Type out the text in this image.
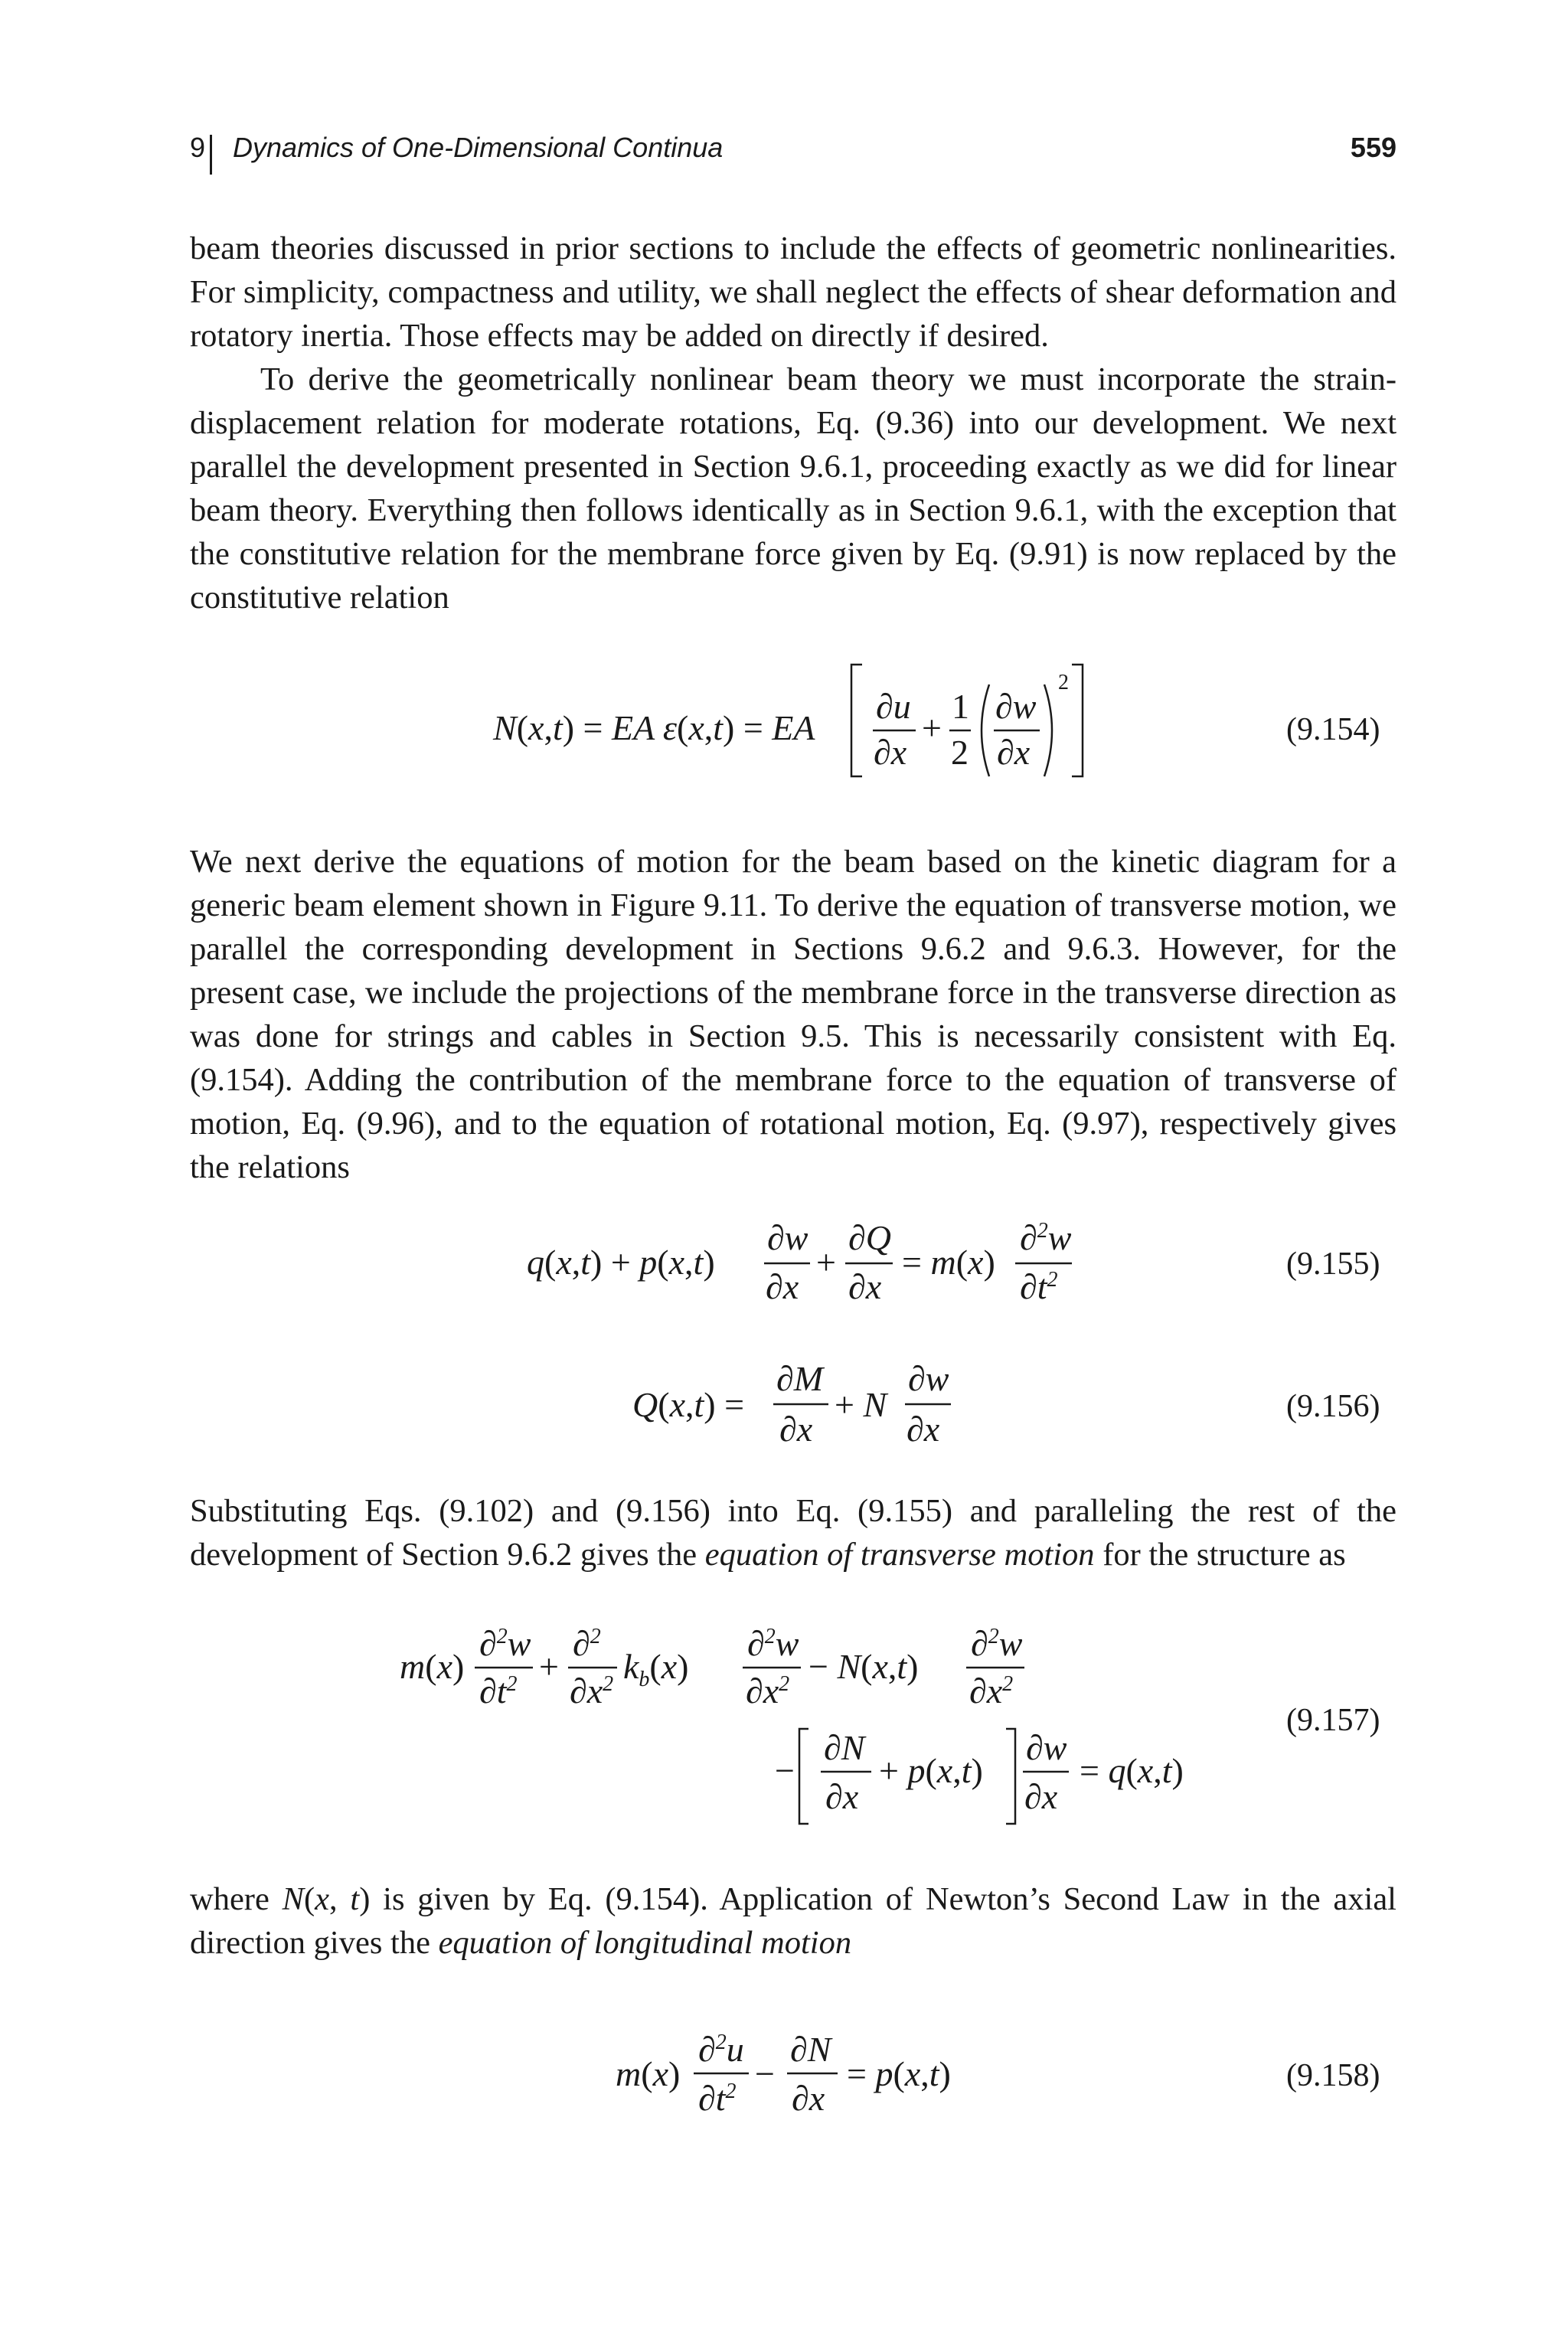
9 Dynamics of One-Dimensional Continua	559

beam theories discussed in prior sections to include the effects of geometric nonlinearities. For simplicity, compactness and utility, we shall neglect the effects of shear deformation and rotatory inertia. Those effects may be added on directly if desired.

To derive the geometrically nonlinear beam theory we must incorporate the strain-displacement relation for moderate rotations, Eq. (9.36) into our development. We next parallel the development presented in Section 9.6.1, proceeding exactly as we did for linear beam theory. Everything then follows identically as in Section 9.6.1, with the exception that the constitutive relation for the membrane force given by Eq. (9.91) is now replaced by the constitutive relation

N(x,t) = EA ε(x,t) = EA
∂u
∂x
+
1
2
∂w
∂x
2
(9.154)

We next derive the equations of motion for the beam based on the kinetic diagram for a generic beam element shown in Figure 9.11. To derive the equation of transverse motion, we parallel the corresponding development in Sections 9.6.2 and 9.6.3. However, for the present case, we include the projections of the membrane force in the transverse direction as was done for strings and cables in Section 9.5. This is necessarily consistent with Eq. (9.154). Adding the contribution of the membrane force to the equation of transverse of motion, Eq. (9.96), and to the equation of rotational motion, Eq. (9.97), respectively gives the relations

q(x,t) + p(x,t)
∂w
∂x
+
∂Q
∂x
= m(x)
∂$^2$w
$\partial t^2$	(9.155)
Q(x,t) =
∂M
∂x
+ N
∂w
∂x
(9.156)

Substituting Eqs. (9.102) and (9.156) into Eq. (9.155) and paralleling the rest of the development of Section 9.6.2 gives the equation of transverse motion for the structure as

m(x)
∂$^2$w
$\partial t^2$ +
∂$^2$
$\partial x^2$ $k_b(x)$
∂$^2$w
$\partial x^2 - N(x,t)$
∂$^2$w
$\partial x^2$
−
∂N
∂x
+ p(x,t)
∂w
∂x
= q(x,t)
(9.157)

where N(x, t) is given by Eq. (9.154). Application of Newton’s Second Law in the axial direction gives the equation of longitudinal motion

m(x)
∂$^2$u
$\partial t^2$ −
∂N
∂x
= p(x,t)	(9.158)
